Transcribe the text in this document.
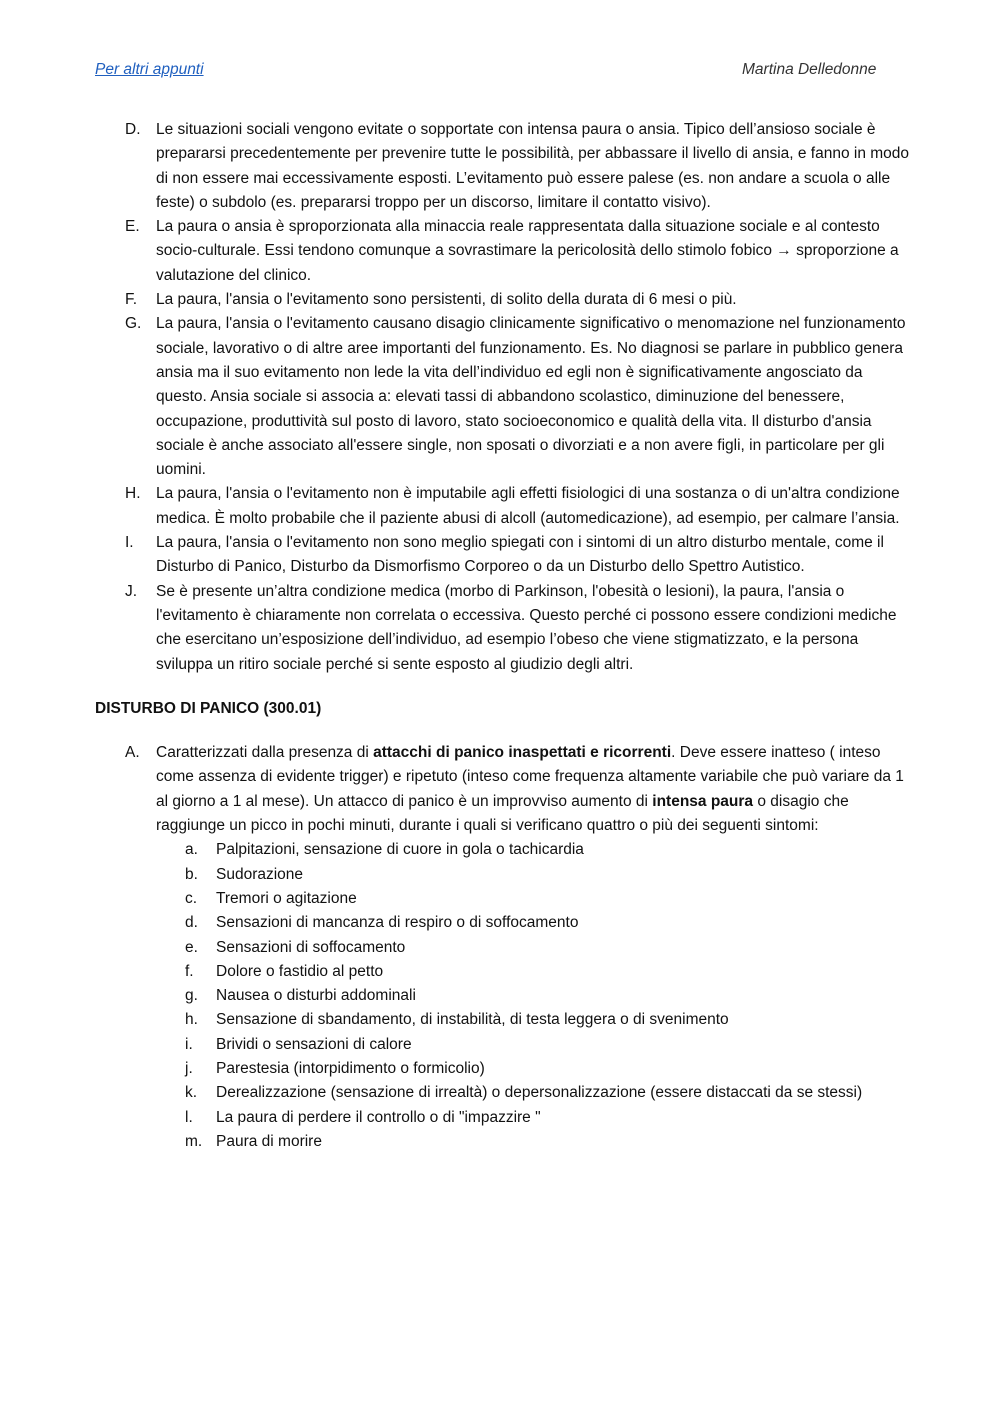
Per altri appunti	Martina Delledonne
D.	Le situazioni sociali vengono evitate o sopportate con intensa paura o ansia. Tipico dell’ansioso sociale è prepararsi precedentemente per prevenire tutte le possibilità, per abbassare il livello di ansia, e fanno in modo di non essere mai eccessivamente esposti. L’evitamento può essere palese (es. non andare a scuola o alle feste) o subdolo (es. prepararsi troppo per un discorso, limitare il contatto visivo).
E.	La paura o ansia è sproporzionata alla minaccia reale rappresentata dalla situazione sociale e al contesto socio-culturale. Essi tendono comunque a sovrastimare la pericolosità dello stimolo fobico → sproporzione a valutazione del clinico.
F.	La paura, l'ansia o l'evitamento sono persistenti, di solito della durata di 6 mesi o più.
G. La paura, l'ansia o l'evitamento causano disagio clinicamente significativo o menomazione nel funzionamento sociale, lavorativo o di altre aree importanti del funzionamento. Es. No diagnosi se parlare in pubblico genera ansia ma il suo evitamento non lede la vita dell’individuo ed egli non è significativamente angosciato da questo. Ansia sociale si associa a: elevati tassi di abbandono scolastico, diminuzione del benessere, occupazione, produttività sul posto di lavoro, stato socioeconomico e qualità della vita. Il disturbo d'ansia sociale è anche associato all'essere single, non sposati o divorziati e a non avere figli, in particolare per gli uomini.
H.	La paura, l'ansia o l'evitamento non è imputabile agli effetti fisiologici di una sostanza o di un'altra condizione medica. È molto probabile che il paziente abusi di alcoll (automedicazione), ad esempio, per calmare l’ansia.
I.	La paura, l'ansia o l'evitamento non sono meglio spiegati con i sintomi di un altro disturbo mentale, come il Disturbo di Panico, Disturbo da Dismorfismo Corporeo o da un Disturbo dello Spettro Autistico.
J.	Se è presente un’altra condizione medica (morbo di Parkinson, l'obesità o lesioni), la paura, l'ansia o l'evitamento è chiaramente non correlata o eccessiva. Questo perché ci possono essere condizioni mediche che esercitano un’esposizione dell’individuo, ad esempio l’obeso che viene stigmatizzato, e la persona sviluppa un ritiro sociale perché si sente esposto al giudizio degli altri.
DISTURBO DI PANICO (300.01)
A.	Caratterizzati dalla presenza di attacchi di panico inaspettati e ricorrenti. Deve essere inatteso ( inteso come assenza di evidente trigger) e ripetuto (inteso come frequenza altamente variabile che può variare da 1 al giorno a 1 al mese). Un attacco di panico è un improvviso aumento di intensa paura o disagio che raggiunge un picco in pochi minuti, durante i quali si verificano quattro o più dei seguenti sintomi:
a.	Palpitazioni, sensazione di cuore in gola o tachicardia
b.	Sudorazione
c.	Tremori o agitazione
d.	Sensazioni di mancanza di respiro o di soffocamento
e.	Sensazioni di soffocamento
f.	Dolore o fastidio al petto
g.	Nausea o disturbi addominali
h.	Sensazione di sbandamento, di instabilità, di testa leggera o di svenimento
i.	Brividi o sensazioni di calore
j.	Parestesia (intorpidimento o formicolio)
k.	Derealizzazione (sensazione di irrealtà) o depersonalizzazione (essere distaccati da se stessi)
l.	La paura di perdere il controllo o di "impazzire "
m. Paura di morire
